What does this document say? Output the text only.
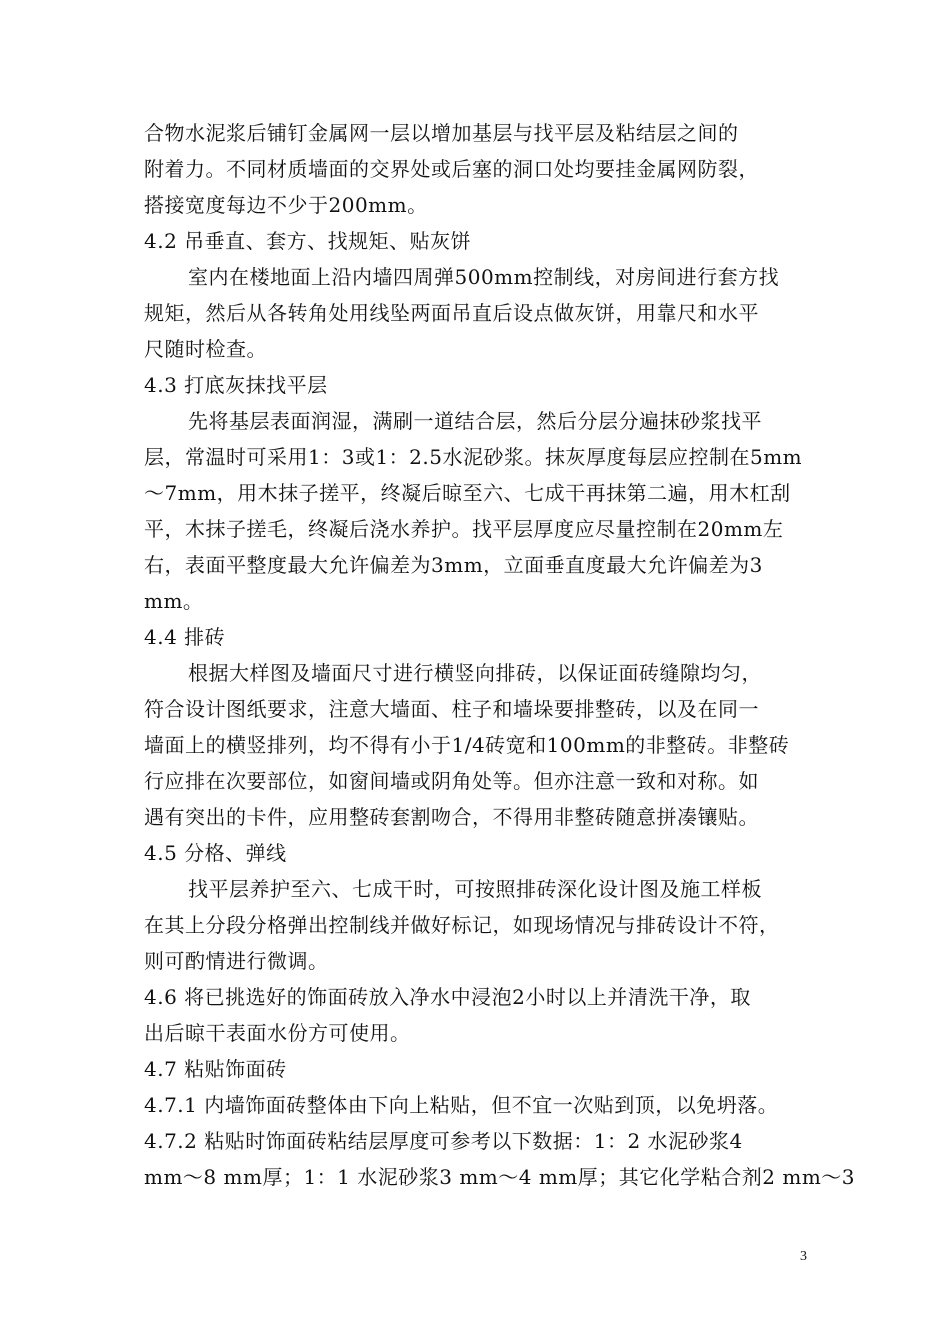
合物水泥浆后铺钉金属网一层以增加基层与找平层及粘结层之间的
附着力。不同材质墙面的交界处或后塞的洞口处均要挂金属网防裂，
搭接宽度每边不少于200mm。
4.2 吊垂直、套方、找规矩、贴灰饼
室内在楼地面上沿内墙四周弹500mm控制线，对房间进行套方找
规矩，然后从各转角处用线坠两面吊直后设点做灰饼，用靠尺和水平
尺随时检查。
4.3 打底灰抹找平层
先将基层表面润湿，满刷一道结合层，然后分层分遍抹砂浆找平
层，常温时可采用1：3或1：2.5水泥砂浆。抹灰厚度每层应控制在5mm
～7mm，用木抹子搓平，终凝后晾至六、七成干再抹第二遍，用木杠刮
平，木抹子搓毛，终凝后浇水养护。找平层厚度应尽量控制在20mm左
右，表面平整度最大允许偏差为3mm，立面垂直度最大允许偏差为3
mm。
4.4 排砖
根据大样图及墙面尺寸进行横竖向排砖，以保证面砖缝隙均匀，
符合设计图纸要求，注意大墙面、柱子和墙垛要排整砖，以及在同一
墙面上的横竖排列，均不得有小于1/4砖宽和100mm的非整砖。非整砖
行应排在次要部位，如窗间墙或阴角处等。但亦注意一致和对称。如
遇有突出的卡件，应用整砖套割吻合，不得用非整砖随意拼凑镶贴。
4.5 分格、弹线
找平层养护至六、七成干时，可按照排砖深化设计图及施工样板
在其上分段分格弹出控制线并做好标记，如现场情况与排砖设计不符，
则可酌情进行微调。
4.6 将已挑选好的饰面砖放入净水中浸泡2小时以上并清洗干净，取
出后晾干表面水份方可使用。
4.7 粘贴饰面砖
4.7.1 内墙饰面砖整体由下向上粘贴，但不宜一次贴到顶，以免坍落。
4.7.2 粘贴时饰面砖粘结层厚度可参考以下数据：1：2 水泥砂浆4
mm～8 mm厚；1：1 水泥砂浆3 mm～4 mm厚；其它化学粘合剂2 mm～3
3
